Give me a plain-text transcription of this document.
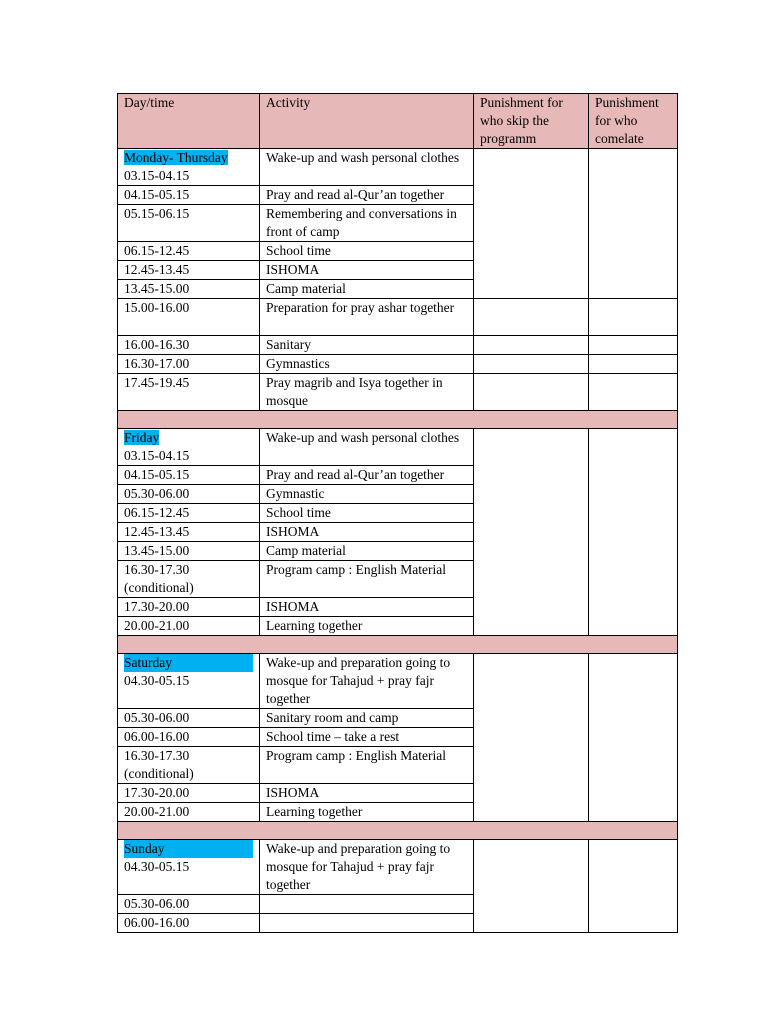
Day/time	Activity	Punishment for who skip the programm	Punishment for who comelate
Monday- Thursday
03.15-04.15	Wake-up and wash personal clothes		
04.15-05.15	Pray and read al-Qur’an together		
05.15-06.15	Remembering and conversations in front of camp		
06.15-12.45	School time		
12.45-13.45	ISHOMA		
13.45-15.00	Camp material		
15.00-16.00	Preparation for pray ashar together		
16.00-16.30	Sanitary		
16.30-17.00	Gymnastics		
17.45-19.45	Pray magrib and Isya together in mosque		

Friday
03.15-04.15	Wake-up and wash personal clothes		
04.15-05.15	Pray and read al-Qur’an together		
05.30-06.00	Gymnastic		
06.15-12.45	School time		
12.45-13.45	ISHOMA		
13.45-15.00	Camp material		
16.30-17.30 (conditional)	Program camp : English Material		
17.30-20.00	ISHOMA		
20.00-21.00	Learning together		

Saturday
04.30-05.15	Wake-up and preparation going to mosque for Tahajud + pray fajr together		
05.30-06.00	Sanitary room and camp		
06.00-16.00	School time – take a rest		
16.30-17.30 (conditional)	Program camp : English Material		
17.30-20.00	ISHOMA		
20.00-21.00	Learning together		

Sunday
04.30-05.15	Wake-up and preparation going to mosque for Tahajud + pray fajr together		
05.30-06.00			
06.00-16.00			
